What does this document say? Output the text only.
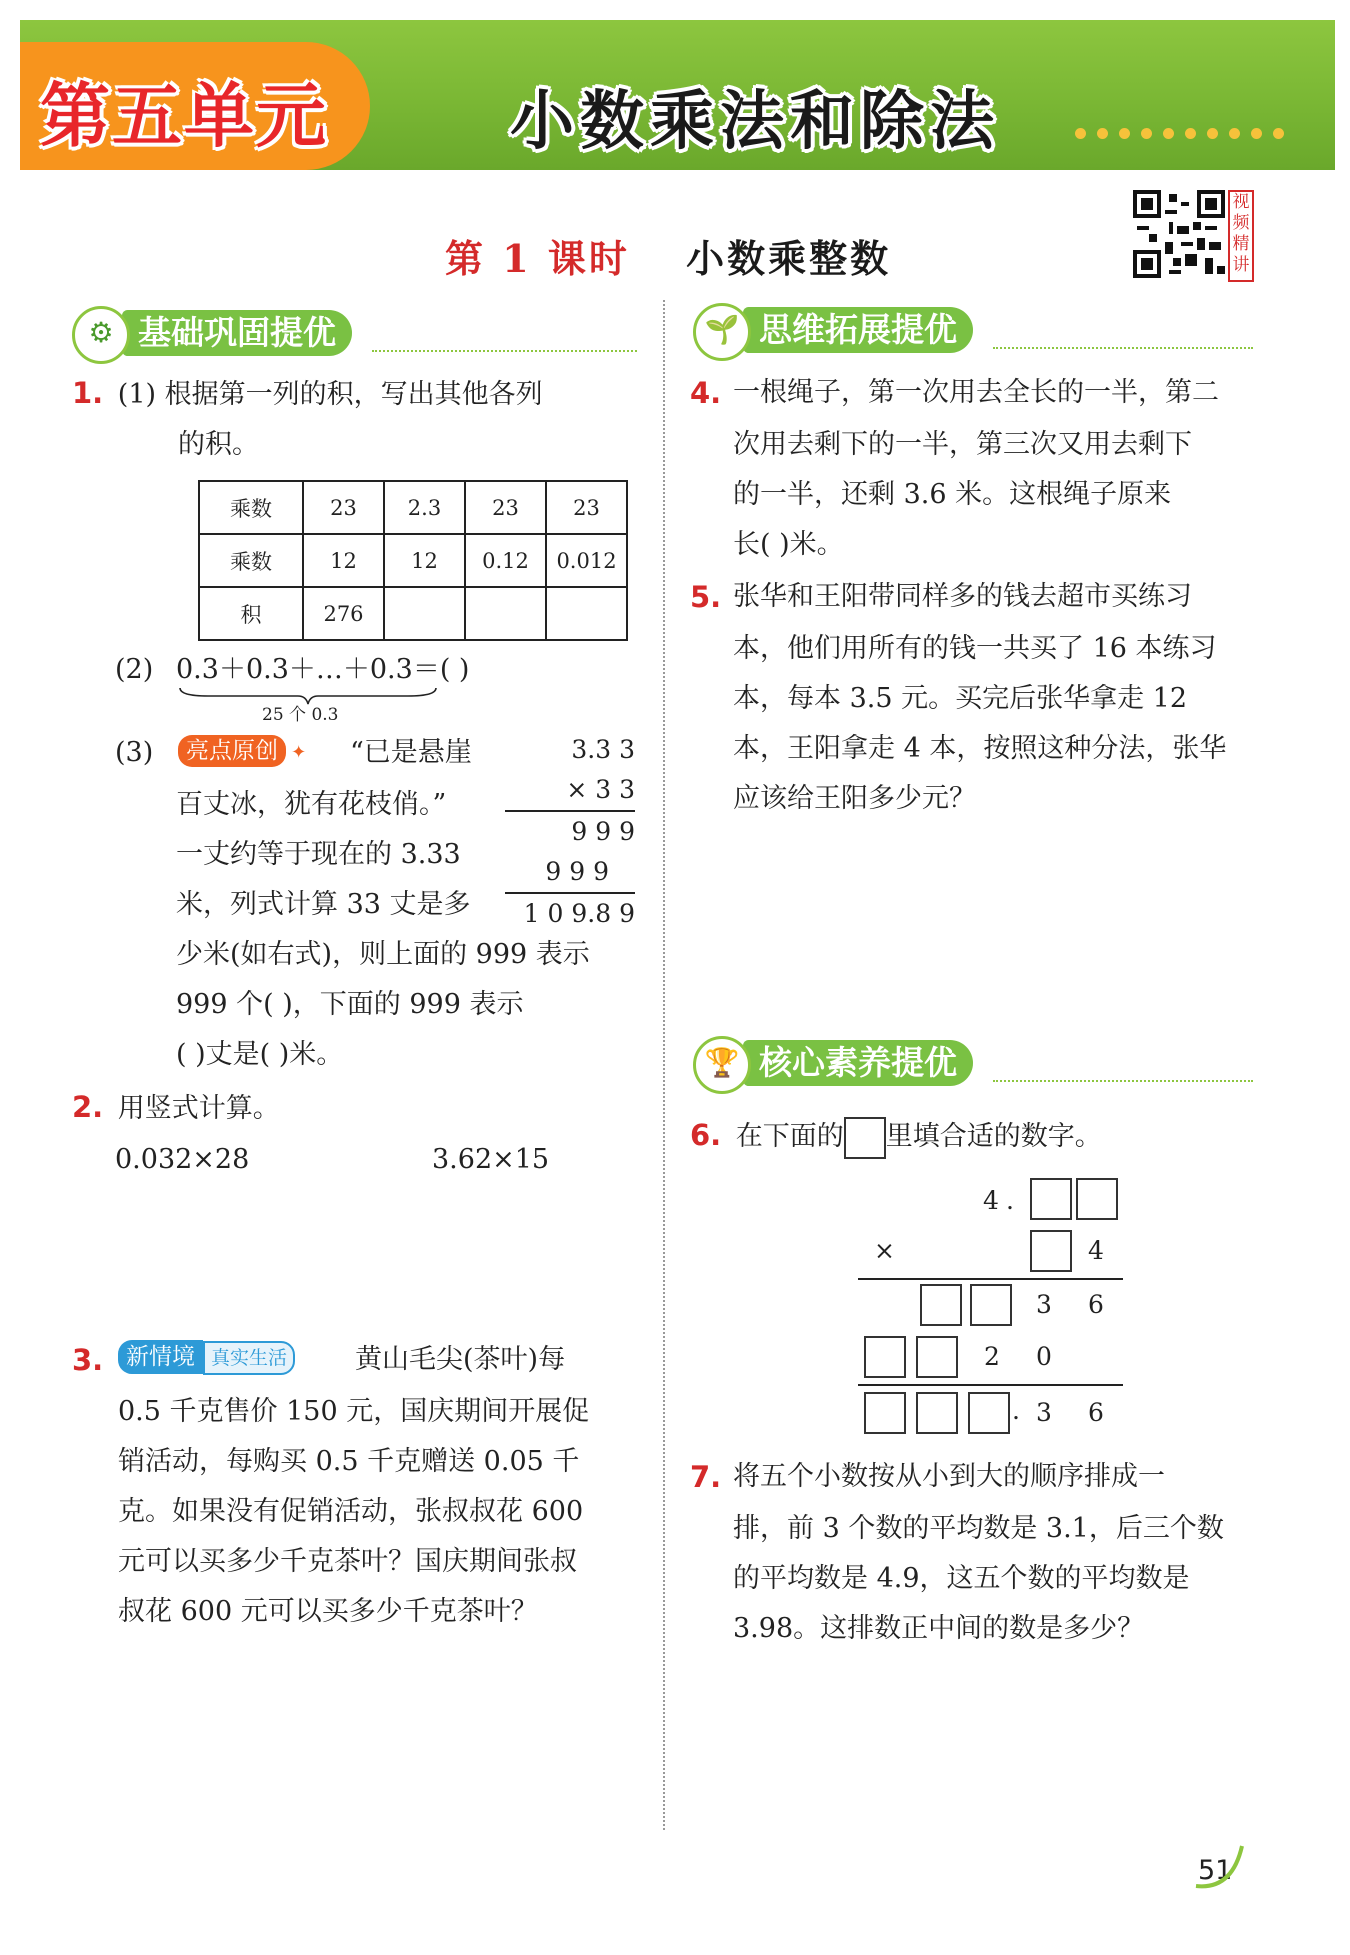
第五单元	小数乘法和除法
第 1 课时 小数乘整数
视
频
精
讲
基础巩固提优
⚙
1. (1) 根据第一列的积，写出其他各列
的积。
乘数	23	2.3	23	23
乘数	12	12	0.12	0.012
积	276			
(2) 0.3＋0.3＋…＋0.3＝( )
25 个 0.3
(3)	亮点原创 ✦ “已是悬崖
百丈冰，犹有花枝俏。”
一丈约等于现在的 3.33
米，列式计算 33 丈是多
少米(如右式)，则上面的 999 表示
999 个( )，下面的 999 表示
( )丈是( )米。
3.3 3
× 3 3
9 9 9
9 9 9
1 0 9.8 9
2. 用竖式计算。
0.032×28	3.62×15
3. 新情境 真实生活	黄山毛尖(茶叶)每
0.5 千克售价 150 元，国庆期间开展促
销活动，每购买 0.5 千克赠送 0.05 千
克。如果没有促销活动，张叔叔花 600
元可以买多少千克茶叶？国庆期间张叔
叔花 600 元可以买多少千克茶叶？
思维拓展提优
🌱
4. 一根绳子，第一次用去全长的一半，第二
次用去剩下的一半，第三次又用去剩下
的一半，还剩 3.6 米。这根绳子原来
长( )米。
5. 张华和王阳带同样多的钱去超市买练习
本，他们用所有的钱一共买了 16 本练习
本，每本 3.5 元。买完后张华拿走 12
本，王阳拿走 4 本，按照这种分法，张华
应该给王阳多少元？
核心素养提优
🏆
6. 在下面的 里填合适的数字。
4 .
×	4
3 6
2 0
. 3 6
7. 将五个小数按从小到大的顺序排成一
排，前 3 个数的平均数是 3.1，后三个数
的平均数是 4.9，这五个数的平均数是
3.98。这排数正中间的数是多少？
51
